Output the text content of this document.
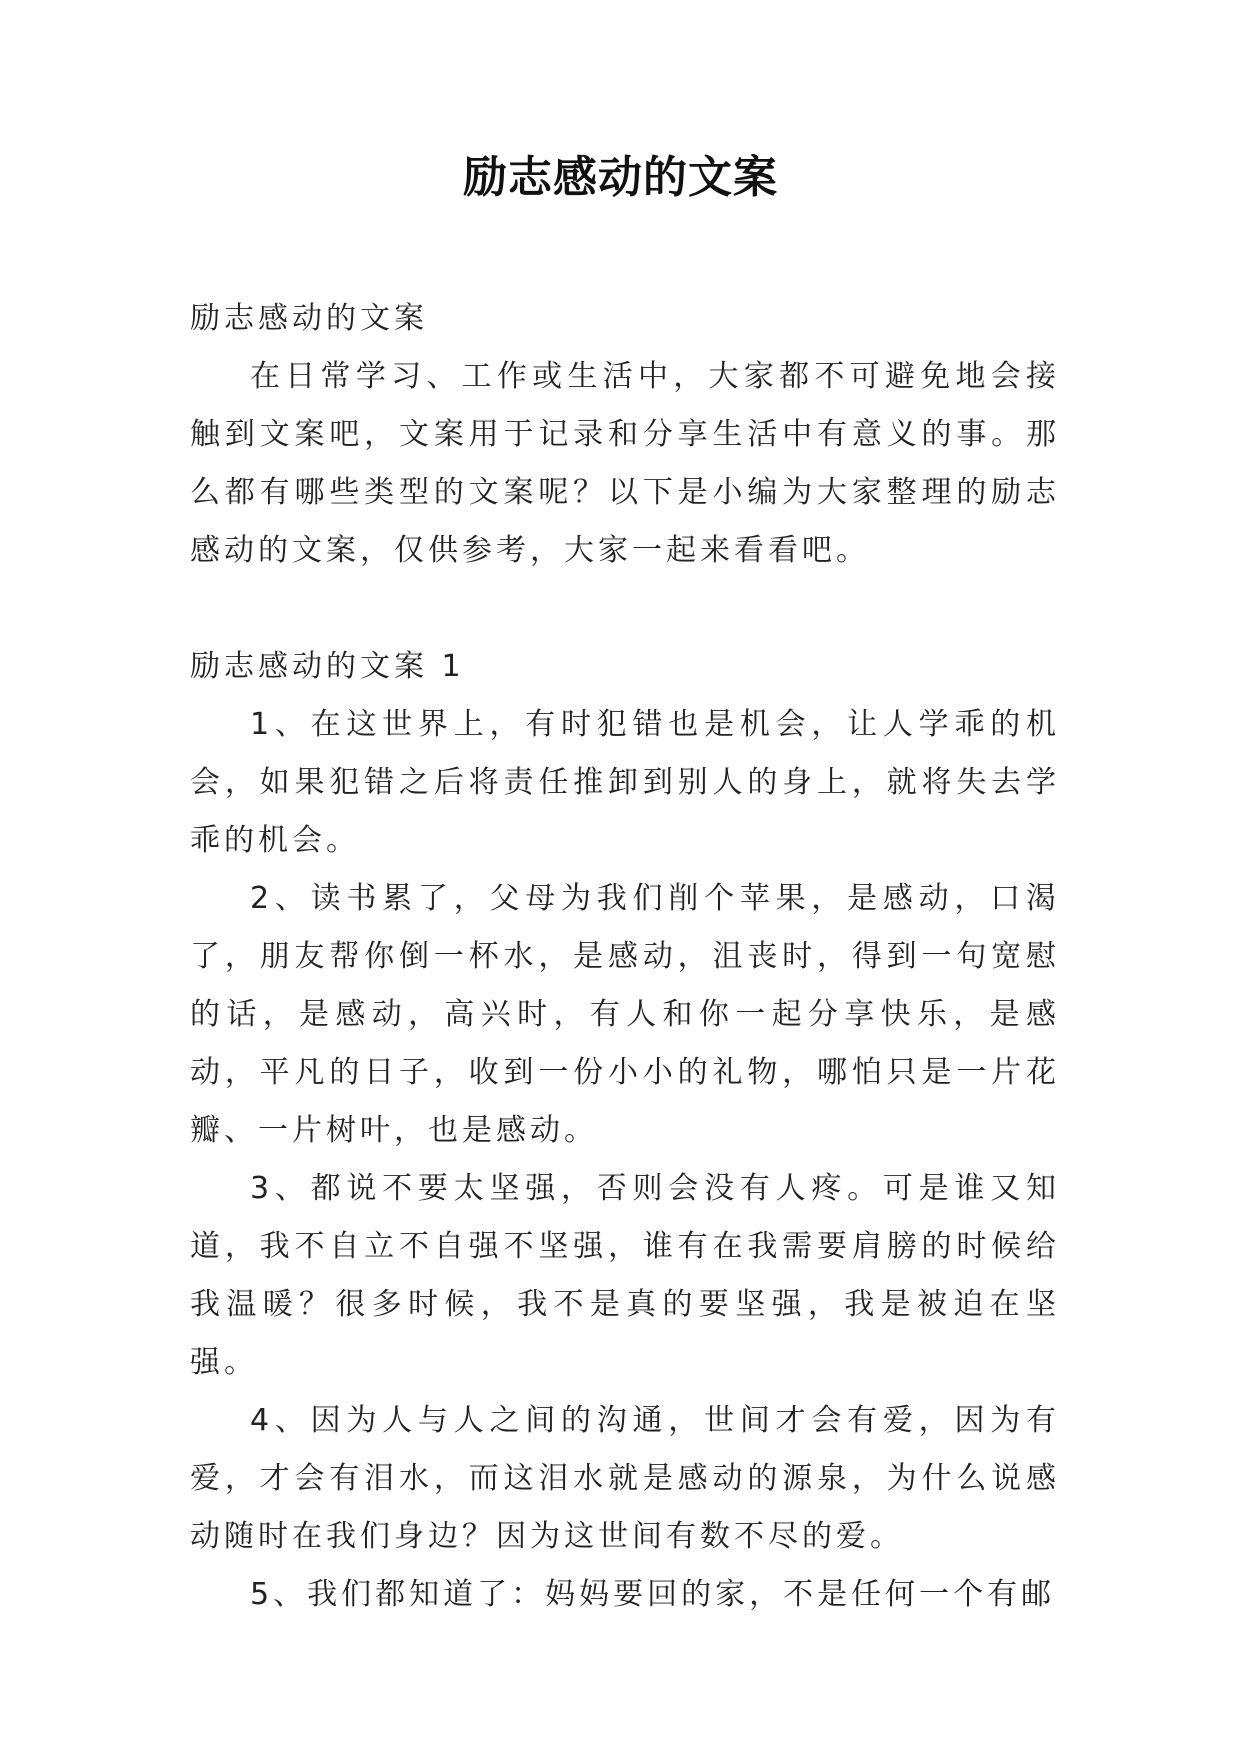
励志感动的文案

励志感动的文案

在日常学习、工作或生活中，大家都不可避免地会接触到文案吧，文案用于记录和分享生活中有意义的事。那么都有哪些类型的文案呢？以下是小编为大家整理的励志感动的文案，仅供参考，大家一起来看看吧。

励志感动的文案 1

1、在这世界上，有时犯错也是机会，让人学乖的机会，如果犯错之后将责任推卸到别人的身上，就将失去学乖的机会。

2、读书累了，父母为我们削个苹果，是感动，口渴了，朋友帮你倒一杯水，是感动，沮丧时，得到一句宽慰的话，是感动，高兴时，有人和你一起分享快乐，是感动，平凡的日子，收到一份小小的礼物，哪怕只是一片花瓣、一片树叶，也是感动。

3、都说不要太坚强，否则会没有人疼。可是谁又知道，我不自立不自强不坚强，谁有在我需要肩膀的时候给我温暖？很多时候，我不是真的要坚强，我是被迫在坚强。

4、因为人与人之间的沟通，世间才会有爱，因为有爱，才会有泪水，而这泪水就是感动的源泉，为什么说感动随时在我们身边？因为这世间有数不尽的爱。

5、我们都知道了：妈妈要回的家，不是任何一个有邮
